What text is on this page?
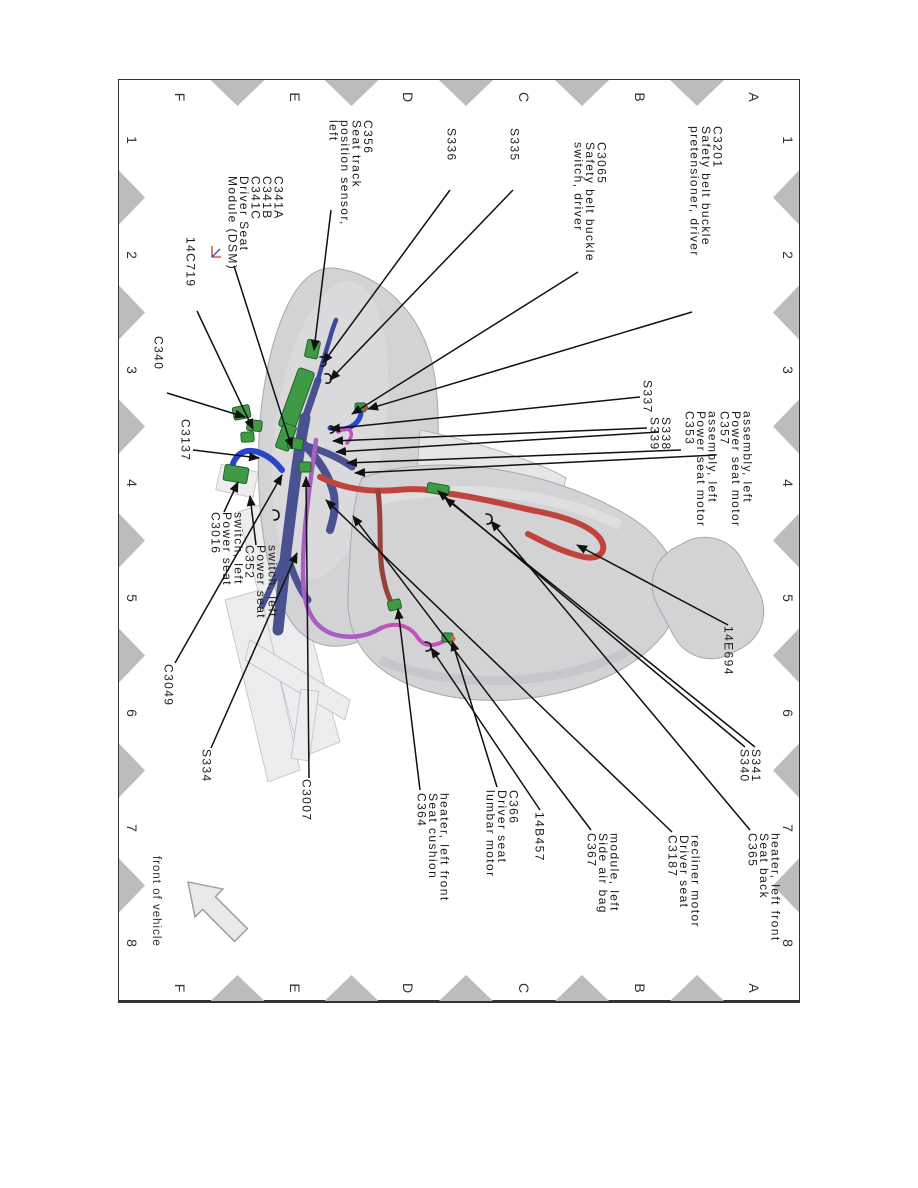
F
F
E
E
D
D
C
C
B
B
A
A
1	1
2	2
3	3
4	4
5	5
6	6
7	7
8	8
C3201
Safety belt buckle
pretensioner, driver
C3065
Safety belt buckle
switch, driver
S335
S336
C356
Seat track
position sensor,
left
C341A
C341B
C341C
Driver Seat
Module (DSM)
14C719
C340
C3137
C3016
Power seat
switch, left
C352
Power seat
switch, left
C3049
S334
C3007	C364
Seat cushion
heater, left front	C366
Driver seat
lumbar motor	14B457	C367
Side air bag
module, left	C3187
Driver seat
recliner motor	C365
Seat back
heater, left front
S340
S341
14E694
S337
S338
S339 C353
Power seat motor
assembly, left
C357
Power seat motor
assembly, left
front of vehicle
